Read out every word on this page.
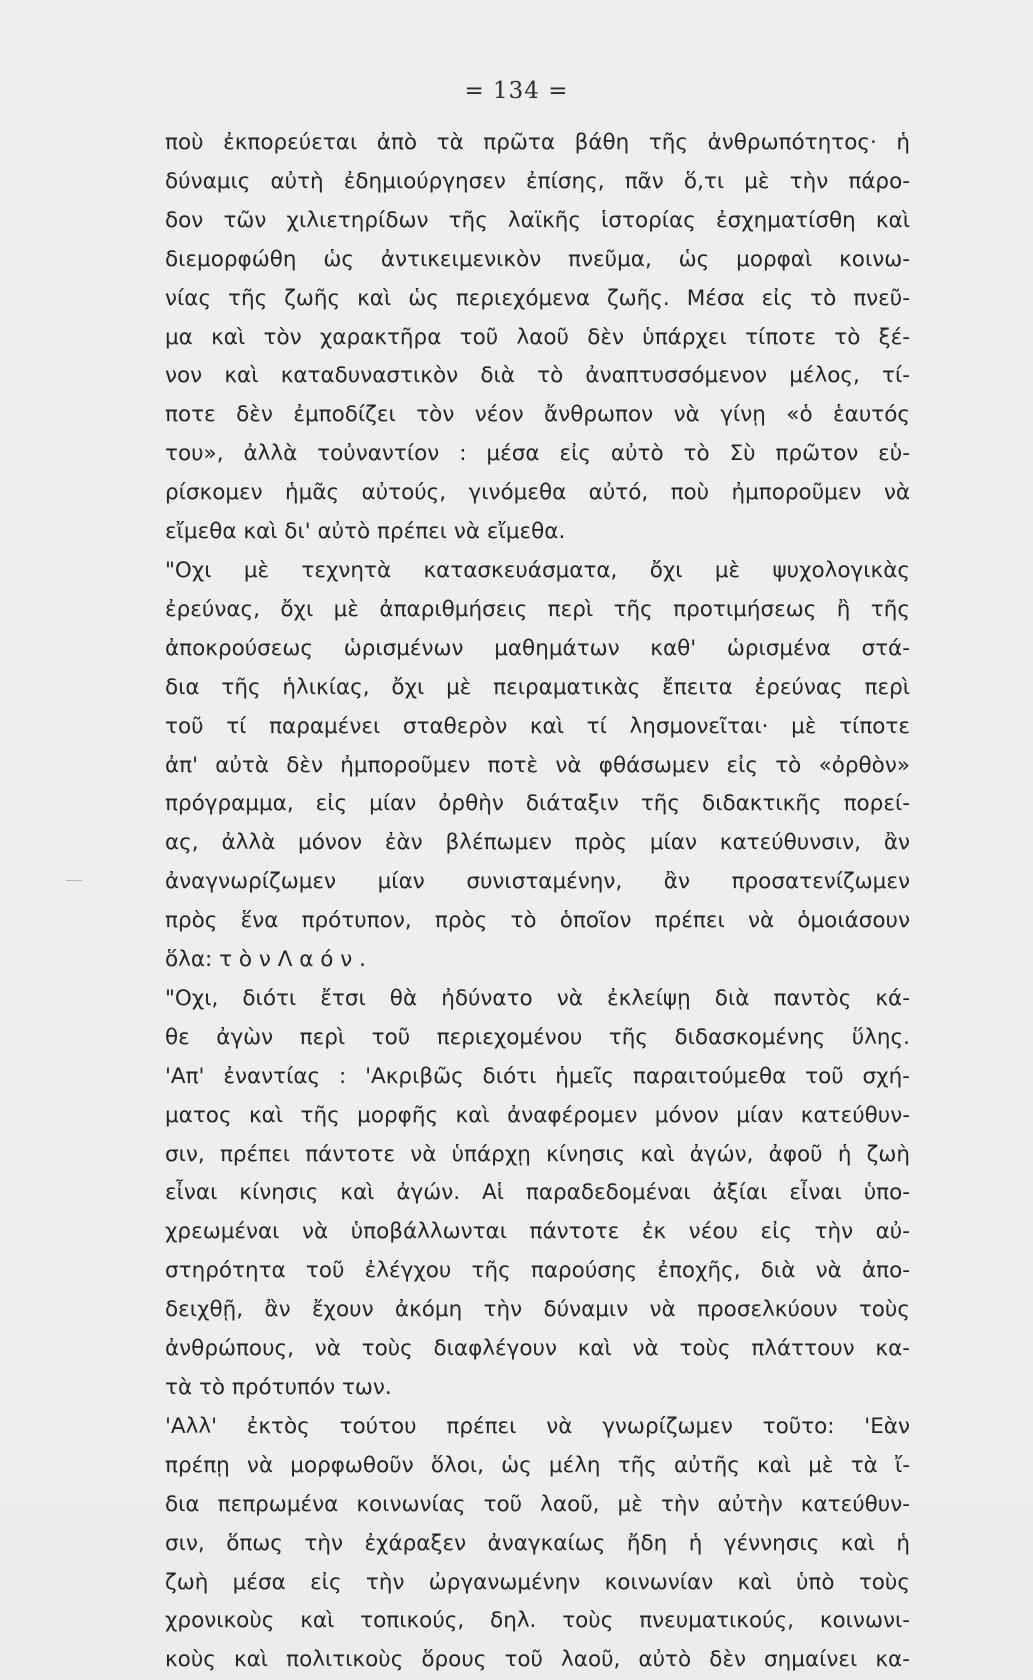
= 134 =
ποὺ ἐκπορεύεται ἀπὸ τὰ πρῶτα βάθη τῆς ἀνθρωπότητος· ἡ
δύναμις αὐτὴ ἐδημιούργησεν ἐπίσης, πᾶν ὅ,τι μὲ τὴν πάρο-
δον τῶν χιλιετηρίδων τῆς λαϊκῆς ἱστορίας ἐσχηματίσθη καὶ
διεμορφώθη ὡς ἀντικειμενικὸν πνεῦμα, ὡς μορφαὶ κοινω-
νίας τῆς ζωῆς καὶ ὡς περιεχόμενα ζωῆς. Μέσα εἰς τὸ πνεῦ-
μα καὶ τὸν χαρακτῆρα τοῦ λαοῦ δὲν ὑπάρχει τίποτε τὸ ξέ-
νον καὶ καταδυναστικὸν διὰ τὸ ἀναπτυσσόμενον μέλος, τί-
ποτε δὲν ἐμποδίζει τὸν νέον ἄνθρωπον νὰ γίνῃ «ὁ ἑαυτός
του», ἀλλὰ τοὐναντίον : μέσα εἰς αὐτὸ τὸ Σὺ πρῶτον εὑ-
ρίσκομεν ἡμᾶς αὐτούς, γινόμεθα αὐτό, ποὺ ἠμποροῦμεν νὰ
εἴμεθα καὶ δι' αὐτὸ πρέπει νὰ εἴμεθα.
"Οχι μὲ τεχνητὰ κατασκευάσματα, ὄχι μὲ ψυχολογικὰς
ἐρεύνας, ὄχι μὲ ἀπαριθμήσεις περὶ τῆς προτιμήσεως ἢ τῆς
ἀποκρούσεως ὡρισμένων μαθημάτων καθ' ὡρισμένα στά-
δια τῆς ἡλικίας, ὄχι μὲ πειραματικὰς ἔπειτα ἐρεύνας περὶ
τοῦ τί παραμένει σταθερὸν καὶ τί λησμονεῖται· μὲ τίποτε
ἀπ' αὐτὰ δὲν ἠμποροῦμεν ποτὲ νὰ φθάσωμεν εἰς τὸ «ὀρθὸν»
πρόγραμμα, εἰς μίαν ὀρθὴν διάταξιν τῆς διδακτικῆς πορεί-
ας, ἀλλὰ μόνον ἐὰν βλέπωμεν πρὸς μίαν κατεύθυνσιν, ἂν
ἀναγνωρίζωμεν μίαν συνισταμένην, ἂν προσατενίζωμεν
πρὸς ἕνα πρότυπον, πρὸς τὸ ὁποῖον πρέπει νὰ ὁμοιάσουν
ὅλα: τ ὸ ν Λ α ό ν .
"Οχι, διότι ἔτσι θὰ ἠδύνατο νὰ ἐκλείψῃ διὰ παντὸς κά-
θε ἀγὼν περὶ τοῦ περιεχομένου τῆς διδασκομένης ὕλης.
'Απ' ἐναντίας : 'Ακριβῶς διότι ἡμεῖς παραιτούμεθα τοῦ σχή-
ματος καὶ τῆς μορφῆς καὶ ἀναφέρομεν μόνον μίαν κατεύθυν-
σιν, πρέπει πάντοτε νὰ ὑπάρχῃ κίνησις καὶ ἀγών, ἀφοῦ ἡ ζωὴ
εἶναι κίνησις καὶ ἀγών. Αἱ παραδεδομέναι ἀξίαι εἶναι ὑπο-
χρεωμέναι νὰ ὑποβάλλωνται πάντοτε ἐκ νέου εἰς τὴν αὐ-
στηρότητα τοῦ ἐλέγχου τῆς παρούσης ἐποχῆς, διὰ νὰ ἀπο-
δειχθῇ, ἂν ἔχουν ἀκόμη τὴν δύναμιν νὰ προσελκύουν τοὺς
ἀνθρώπους, νὰ τοὺς διαφλέγουν καὶ νὰ τοὺς πλάττουν κα-
τὰ τὸ πρότυπόν των.
'Αλλ' ἐκτὸς τούτου πρέπει νὰ γνωρίζωμεν τοῦτο: 'Εὰν
πρέπῃ νὰ μορφωθοῦν ὅλοι, ὡς μέλη τῆς αὐτῆς καὶ μὲ τὰ ἴ-
δια πεπρωμένα κοινωνίας τοῦ λαοῦ, μὲ τὴν αὐτὴν κατεύθυν-
σιν, ὅπως τὴν ἐχάραξεν ἀναγκαίως ἤδη ἡ γέννησις καὶ ἡ
ζωὴ μέσα εἰς τὴν ὠργανωμένην κοινωνίαν καὶ ὑπὸ τοὺς
χρονικοὺς καὶ τοπικούς, δηλ. τοὺς πνευματικούς, κοινωνι-
κοὺς καὶ πολιτικοὺς ὅρους τοῦ λαοῦ, αὐτὸ δὲν σημαίνει κα-
